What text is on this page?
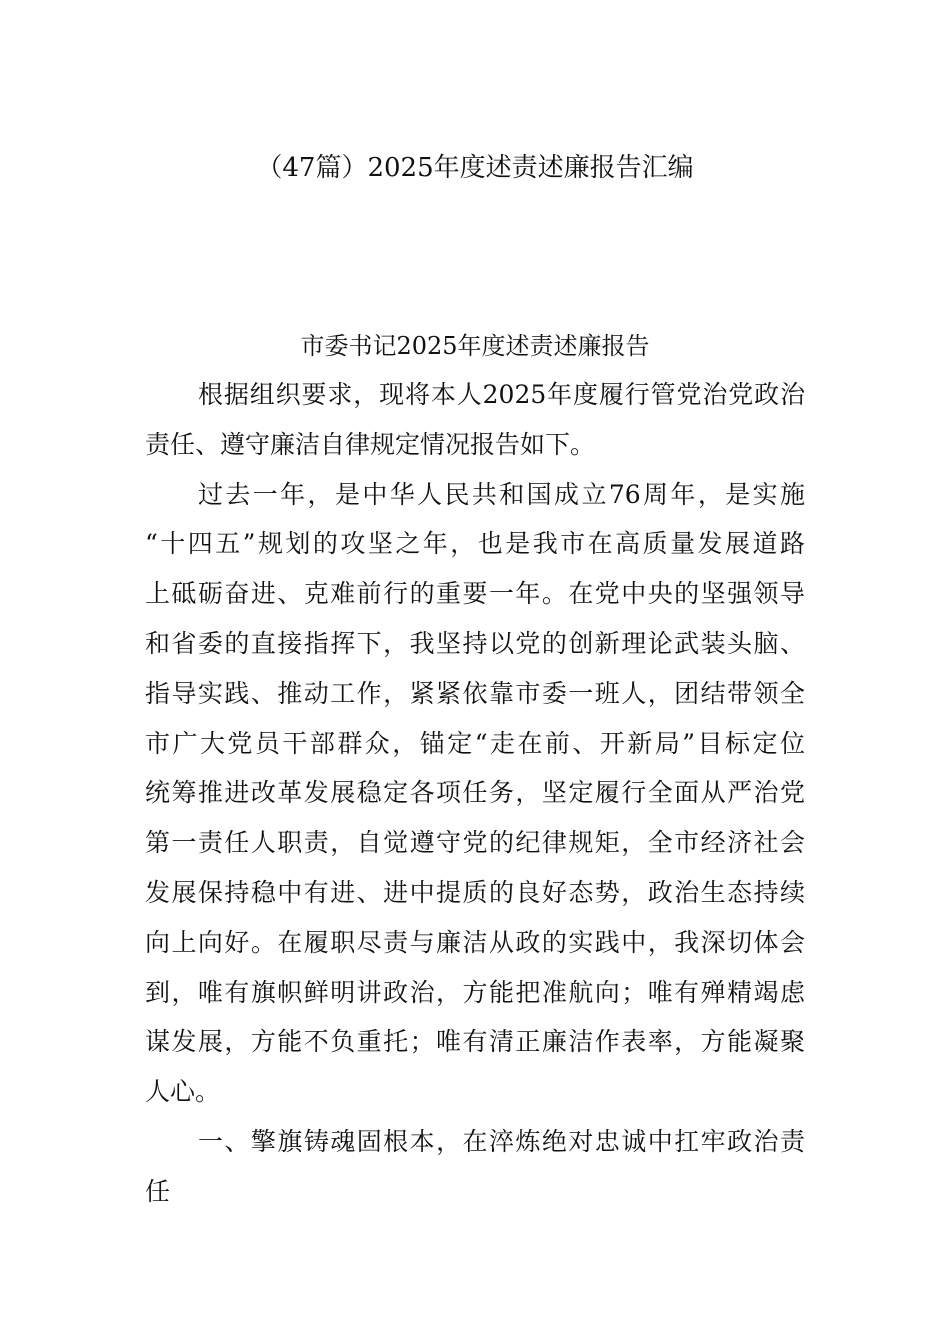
（47篇）2025年度述责述廉报告汇编
市委书记2025年度述责述廉报告
根据组织要求，现将本人2025年度履行管党治党政治
责任、遵守廉洁自律规定情况报告如下。
过去一年，是中华人民共和国成立76周年，是实施
“十四五”规划的攻坚之年，也是我市在高质量发展道路
上砥砺奋进、克难前行的重要一年。在党中央的坚强领导
和省委的直接指挥下，我坚持以党的创新理论武装头脑、
指导实践、推动工作，紧紧依靠市委一班人，团结带领全
市广大党员干部群众，锚定“走在前、开新局”目标定位
统筹推进改革发展稳定各项任务，坚定履行全面从严治党
第一责任人职责，自觉遵守党的纪律规矩，全市经济社会
发展保持稳中有进、进中提质的良好态势，政治生态持续
向上向好。在履职尽责与廉洁从政的实践中，我深切体会
到，唯有旗帜鲜明讲政治，方能把准航向；唯有殚精竭虑
谋发展，方能不负重托；唯有清正廉洁作表率，方能凝聚
人心。
一、擎旗铸魂固根本，在淬炼绝对忠诚中扛牢政治责
任
